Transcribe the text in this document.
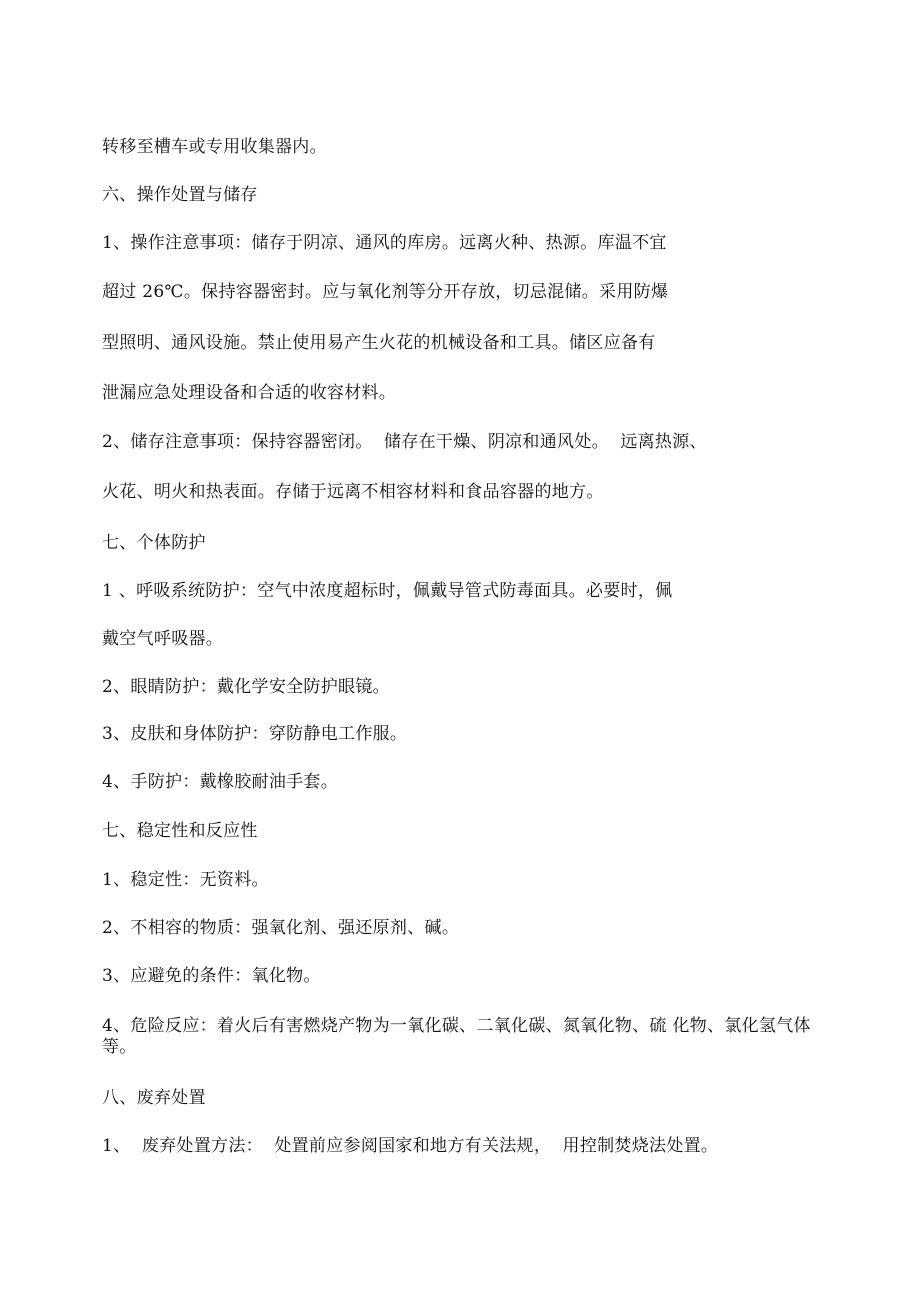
转移至槽车或专用收集器内。
六、操作处置与储存
1、操作注意事项：储存于阴凉、通风的库房。远离火种、热源。库温不宜
超过 26℃。保持容器密封。应与氧化剂等分开存放，切忌混储。采用防爆
型照明、通风设施。禁止使用易产生火花的机械设备和工具。储区应备有
泄漏应急处理设备和合适的收容材料。
2、储存注意事项：保持容器密闭。  储存在干燥、阴凉和通风处。  远离热源、
火花、明火和热表面。存储于远离不相容材料和食品容器的地方。
七、个体防护
1 、呼吸系统防护：空气中浓度超标时，佩戴导管式防毒面具。必要时，佩
戴空气呼吸器。
2、眼睛防护：戴化学安全防护眼镜。
3、皮肤和身体防护：穿防静电工作服。
4、手防护：戴橡胶耐油手套。
七、稳定性和反应性
1、稳定性：无资料。
2、不相容的物质：强氧化剂、强还原剂、碱。
3、应避免的条件：氧化物。
4、危险反应：着火后有害燃烧产物为一氧化碳、二氧化碳、氮氧化物、硫 化物、氯化氢气体等。
八、废弃处置
1、  废弃处置方法：  处置前应参阅国家和地方有关法规，  用控制焚烧法处置。
